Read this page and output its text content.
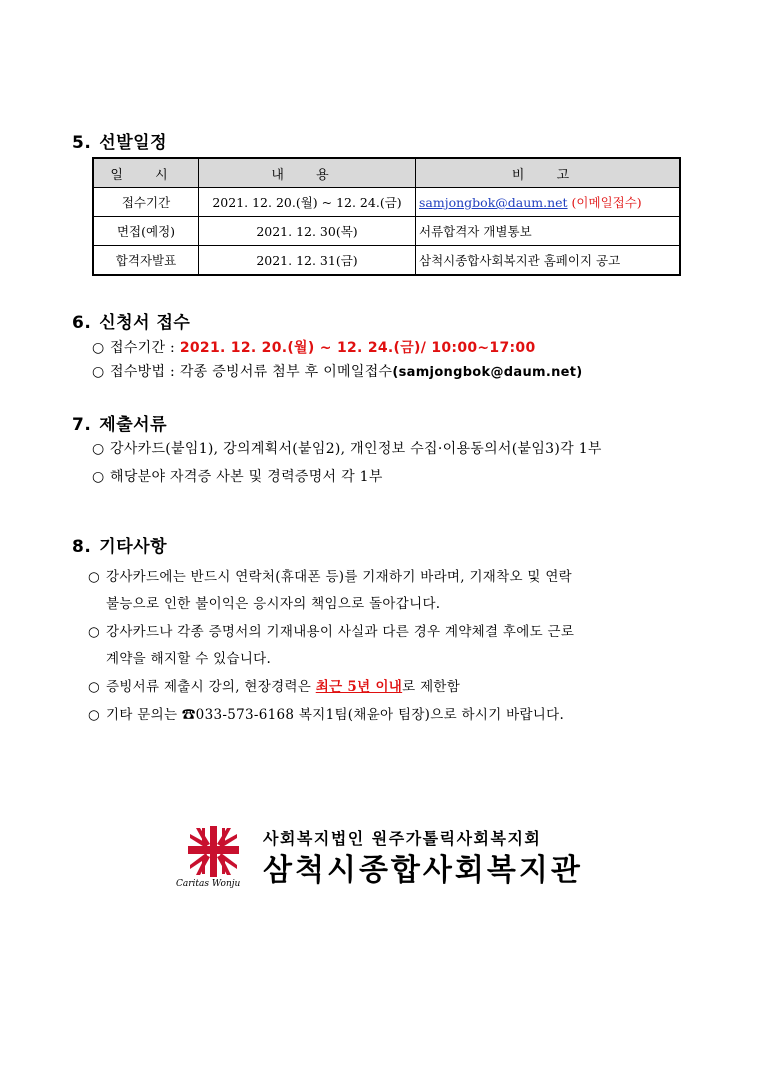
5. 선발일정
일 시	내 용	비 고
접수기간	2021. 12. 20.(월) ~ 12. 24.(금)	samjongbok@daum.net (이메일접수)
면접(예정)	2021. 12. 30(목)	서류합격자 개별통보
합격자발표	2021. 12. 31(금)	삼척시종합사회복지관 홈페이지 공고
6. 신청서 접수
○ 접수기간 : 2021. 12. 20.(월) ~ 12. 24.(금)/ 10:00~17:00
○ 접수방법 : 각종 증빙서류 첨부 후 이메일접수(samjongbok@daum.net)
7. 제출서류
○ 강사카드(붙임1), 강의계획서(붙임2), 개인정보 수집·이용동의서(붙임3)각 1부
○ 해당분야 자격증 사본 및 경력증명서 각 1부
8. 기타사항
○ 강사카드에는 반드시 연락처(휴대폰 등)를 기재하기 바라며, 기재착오 및 연락
불능으로 인한 불이익은 응시자의 책임으로 돌아갑니다.
○ 강사카드나 각종 증명서의 기재내용이 사실과 다른 경우 계약체결 후에도 근로
계약을 해지할 수 있습니다.
○ 증빙서류 제출시 강의, 현장경력은 최근 5년 이내로 제한함
○ 기타 문의는 ☎033-573-6168 복지1팀(채윤아 팀장)으로 하시기 바랍니다.
Caritas Wonju
사회복지법인 원주가톨릭사회복지회
삼척시종합사회복지관
